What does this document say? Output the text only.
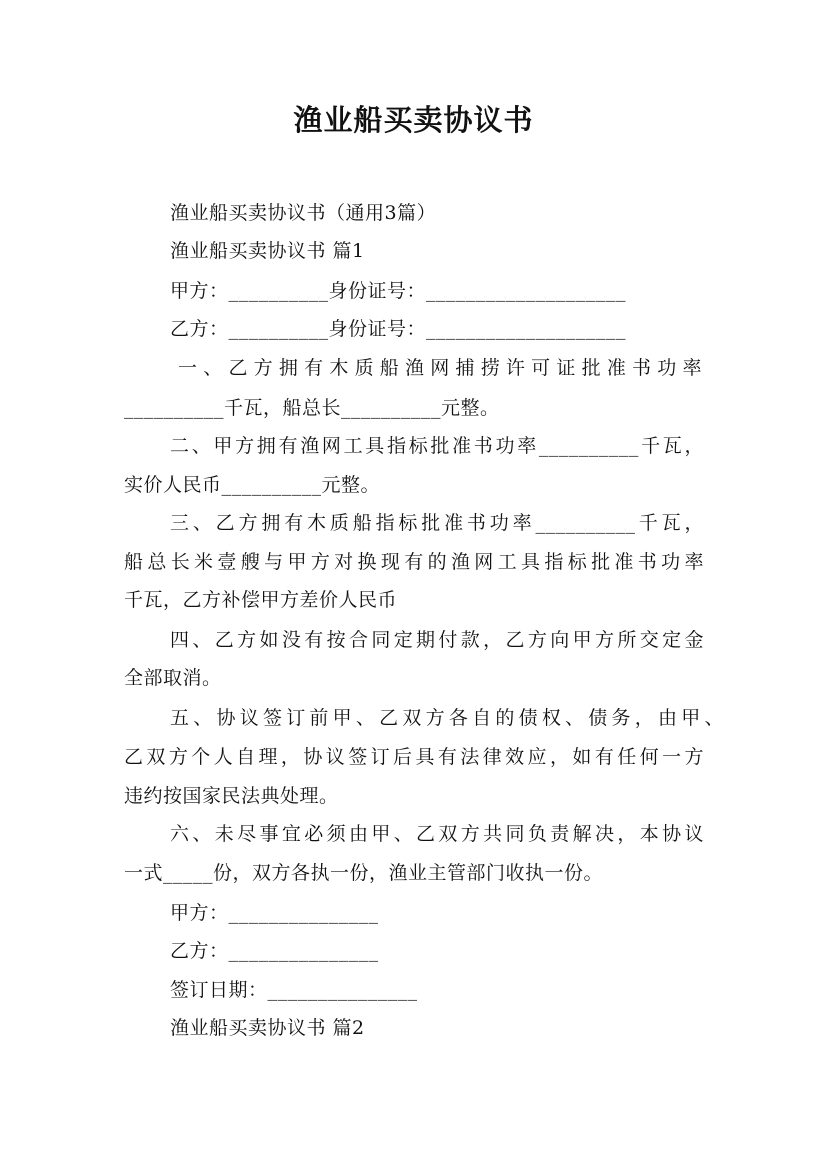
渔业船买卖协议书
渔业船买卖协议书（通用3篇）
渔业船买卖协议书 篇1
甲方：__________身份证号：____________________
乙方：__________身份证号：____________________
一、乙方拥有木质船渔网捕捞许可证批准书功率
__________千瓦，船总长__________元整。
二、甲方拥有渔网工具指标批准书功率__________千瓦，
实价人民币__________元整。
三、乙方拥有木质船指标批准书功率__________千瓦，
船总长米壹艘与甲方对换现有的渔网工具指标批准书功率
千瓦，乙方补偿甲方差价人民币
四、乙方如没有按合同定期付款，乙方向甲方所交定金
全部取消。
五、协议签订前甲、乙双方各自的债权、债务，由甲、
乙双方个人自理，协议签订后具有法律效应，如有任何一方
违约按国家民法典处理。
六、未尽事宜必须由甲、乙双方共同负责解决，本协议
一式_____份，双方各执一份，渔业主管部门收执一份。
甲方：_______________
乙方：_______________
签订日期：_______________
渔业船买卖协议书 篇2
